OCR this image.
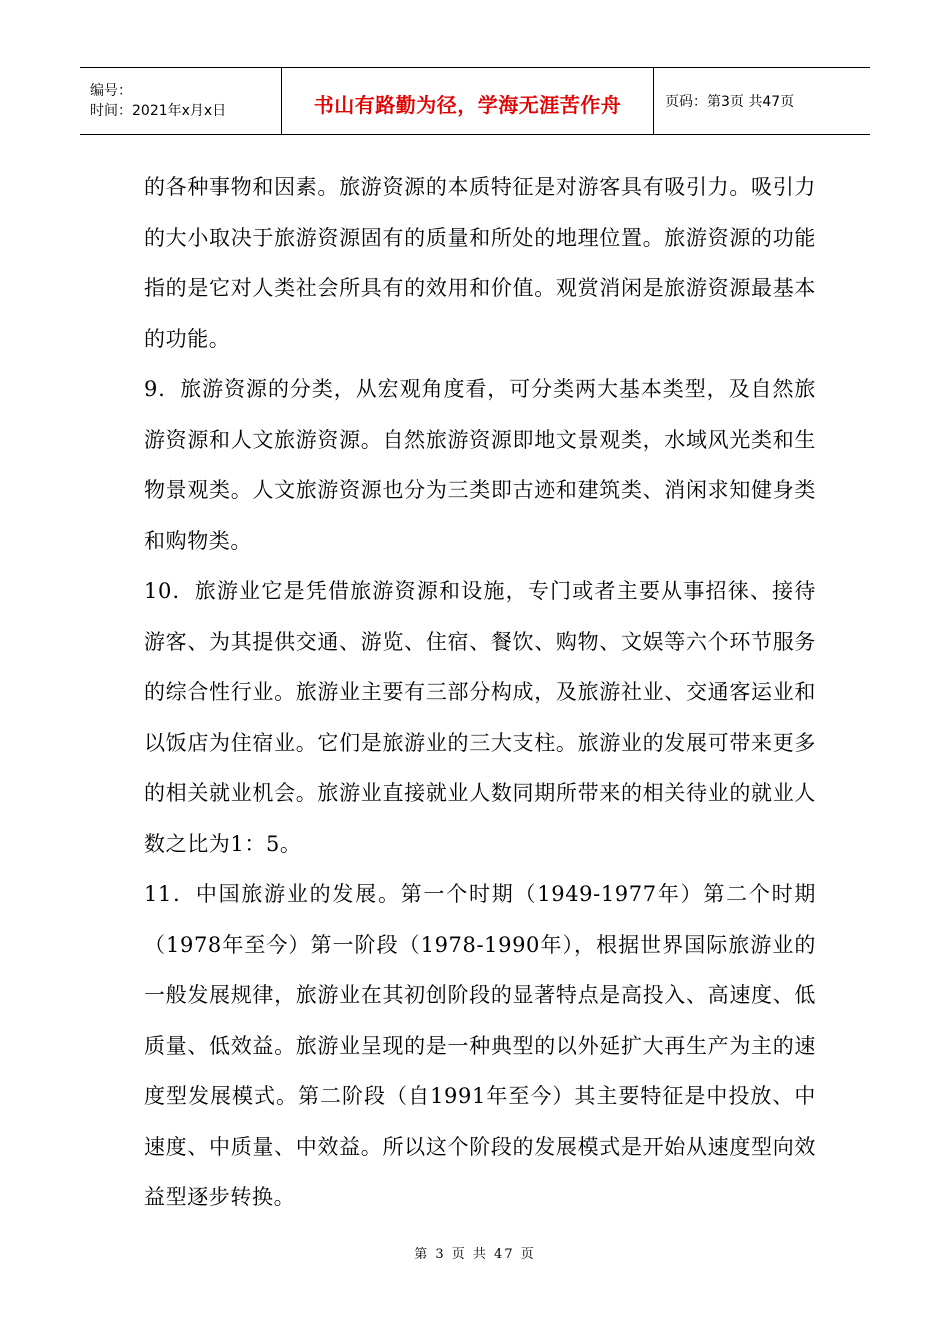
编号：
时间：2021年x月x日	书山有路勤为径，学海无涯苦作舟	页码：第3页 共47页

的各种事物和因素。旅游资源的本质特征是对游客具有吸引力。吸引力的大小取决于旅游资源固有的质量和所处的地理位置。旅游资源的功能指的是它对人类社会所具有的效用和价值。观赏消闲是旅游资源最基本的功能。

9．旅游资源的分类，从宏观角度看，可分类两大基本类型，及自然旅游资源和人文旅游资源。自然旅游资源即地文景观类，水域风光类和生物景观类。人文旅游资源也分为三类即古迹和建筑类、消闲求知健身类和购物类。

10．旅游业它是凭借旅游资源和设施，专门或者主要从事招徕、接待游客、为其提供交通、游览、住宿、餐饮、购物、文娱等六个环节服务的综合性行业。旅游业主要有三部分构成，及旅游社业、交通客运业和以饭店为住宿业。它们是旅游业的三大支柱。旅游业的发展可带来更多的相关就业机会。旅游业直接就业人数同期所带来的相关待业的就业人数之比为1：5。

11．中国旅游业的发展。第一个时期（1949-1977年）第二个时期（1978年至今）第一阶段（1978-1990年），根据世界国际旅游业的一般发展规律，旅游业在其初创阶段的显著特点是高投入、高速度、低质量、低效益。旅游业呈现的是一种典型的以外延扩大再生产为主的速度型发展模式。第二阶段（自1991年至今）其主要特征是中投放、中速度、中质量、中效益。所以这个阶段的发展模式是开始从速度型向效益型逐步转换。

第 3 页 共 47 页
